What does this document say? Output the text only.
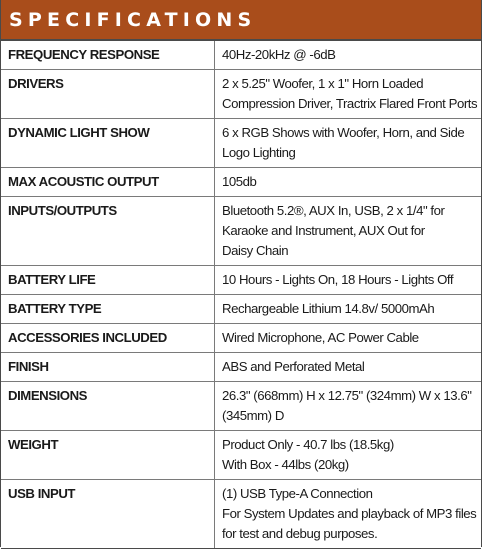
SPECIFICATIONS
FREQUENCY RESPONSE	40Hz-20kHz @ -6dB

DRIVERS	2 x 5.25" Woofer, 1 x 1" Horn Loaded
Compression Driver, Tractrix Flared Front Ports

DYNAMIC LIGHT SHOW	6 x RGB Shows with Woofer, Horn, and Side
Logo Lighting

MAX ACOUSTIC OUTPUT	105db

INPUTS/OUTPUTS	Bluetooth 5.2®, AUX In, USB, 2 x 1/4" for
Karaoke and Instrument, AUX Out for
Daisy Chain

BATTERY LIFE	10 Hours - Lights On, 18 Hours - Lights Off

BATTERY TYPE	Rechargeable Lithium 14.8v/ 5000mAh

ACCESSORIES INCLUDED	Wired Microphone, AC Power Cable

FINISH	ABS and Perforated Metal

DIMENSIONS	26.3" (668mm) H x 12.75" (324mm) W x 13.6"
(345mm) D

WEIGHT	Product Only - 40.7 lbs (18.5kg)
With Box - 44lbs (20kg)

USB INPUT	(1) USB Type-A Connection
For System Updates and playback of MP3 files
for test and debug purposes.
